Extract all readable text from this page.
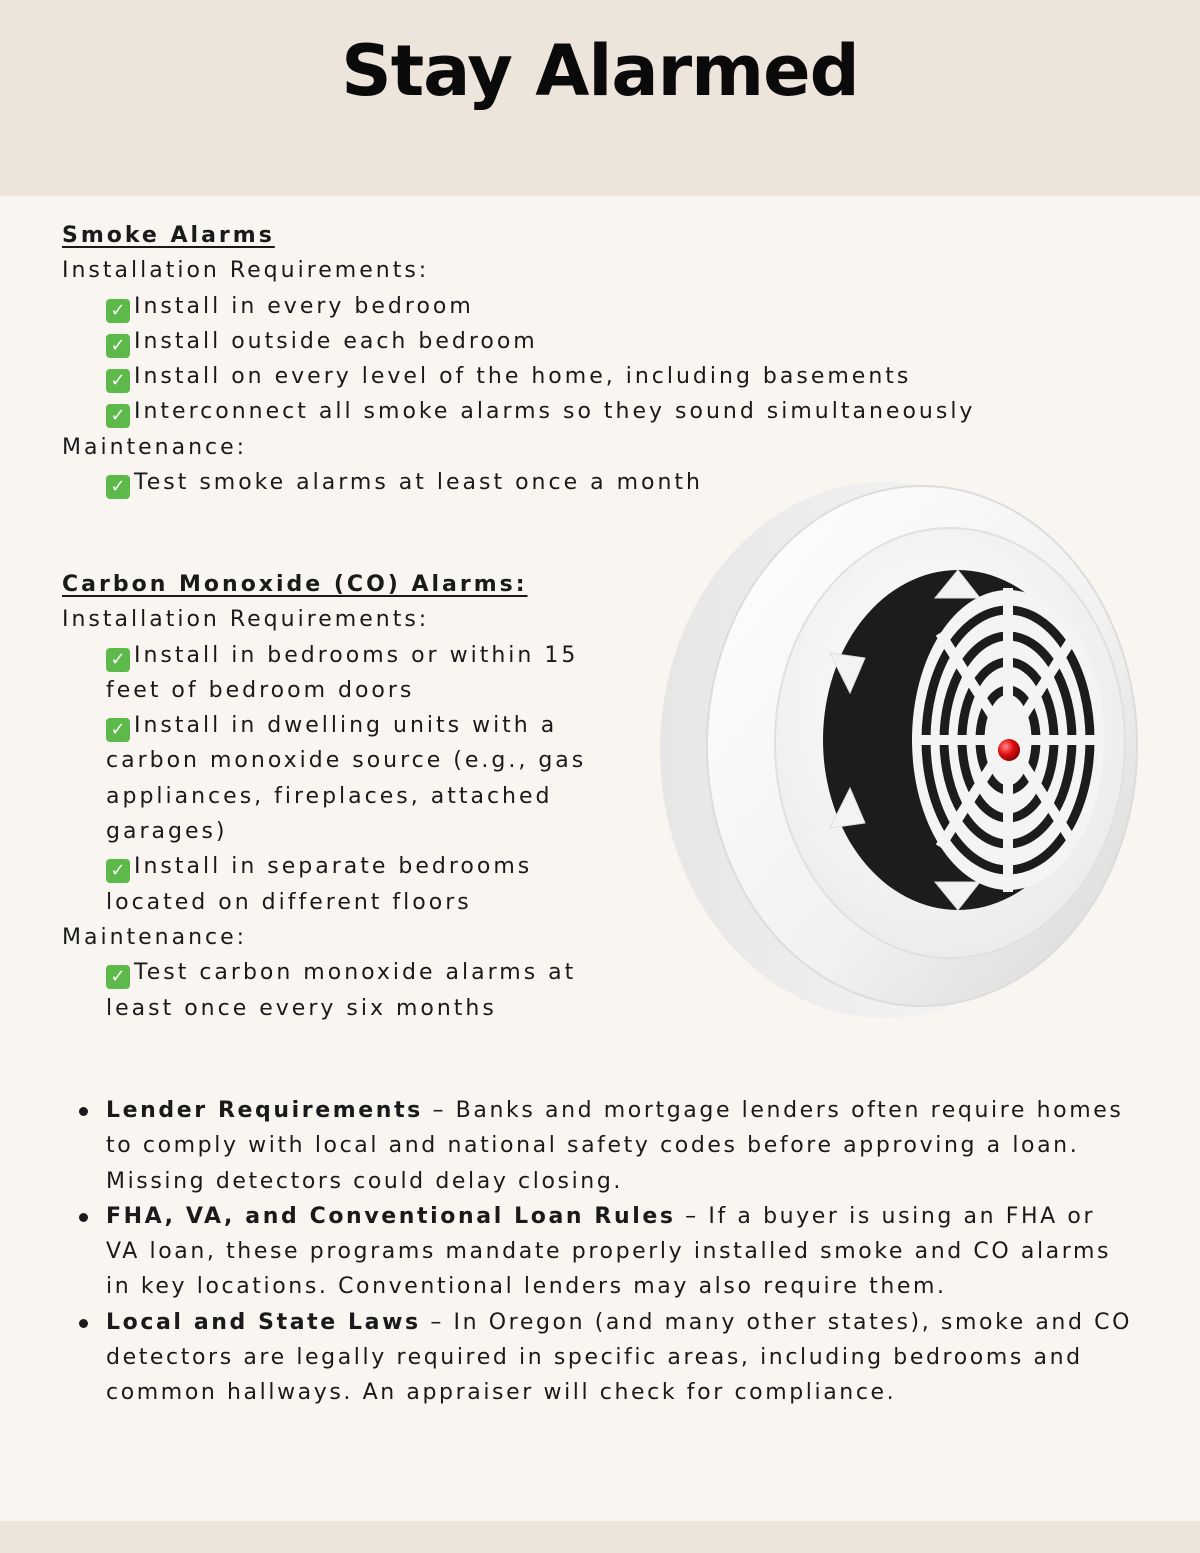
Stay Alarmed
Smoke Alarms
Installation Requirements:
✓ Install in every bedroom
✓ Install outside each bedroom
✓ Install on every level of the home, including basements
✓ Interconnect all smoke alarms so they sound simultaneously
Maintenance:
✓ Test smoke alarms at least once a month
Carbon Monoxide (CO) Alarms:
Installation Requirements:
✓ Install in bedrooms or within 15 feet of bedroom doors
✓ Install in dwelling units with a carbon monoxide source (e.g., gas appliances, fireplaces, attached garages)
✓ Install in separate bedrooms located on different floors
Maintenance:
✓ Test carbon monoxide alarms at least once every six months
Lender Requirements – Banks and mortgage lenders often require homes to comply with local and national safety codes before approving a loan. Missing detectors could delay closing.
FHA, VA, and Conventional Loan Rules – If a buyer is using an FHA or VA loan, these programs mandate properly installed smoke and CO alarms in key locations. Conventional lenders may also require them.
Local and State Laws – In Oregon (and many other states), smoke and CO detectors are legally required in specific areas, including bedrooms and common hallways. An appraiser will check for compliance.
